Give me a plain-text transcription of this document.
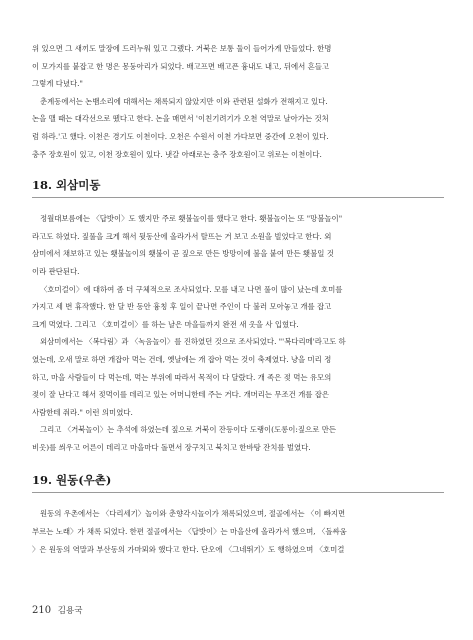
위 있으면 그 새끼도 말장에 드러누워 있고 그랬다. 거북은 보통 둘이 들어가게 만들었다. 한명
이 모가지를 붙잡고 한 명은 몽둥아리가 되었다. 배고프면 배고픈 흉내도 내고, 뒤에서 흔들고
그렇게 다녔다."

춘계동에서는 논뱀소리에 대해서는 채록되지 않았지만 이와 관련된 설화가 전해지고 있다.
논을 맬 때는 대각선으로 뗐다고 한다. 논을 매면서 '이친기려기가 오천 역말로 날아가는 것처
럼 하라.'고 했다. 이천은 경기도 이천이다. 오천은 수원서 이천 가다보면 중간에 오천이 있다.
충주 장호원이 있고, 이천 장호원이 있다. 냇갈 아래로는 충주 장호원이고 위로는 이천이다.

18. 외삼미동

정월대보름에는 〈답밧이〉도 했지만 주로 횃불놀이를 했다고 한다. 횃불놀이는 또 "망불놀이"
라고도 하였다. 짚풀을 크게 해서 뒷동산에 올라가서 탈뜨는 거 보고 소원을 빌었다고 한다. 외
삼미에서 채보하고 있는 횃불놀이의 횃불이 곧 짚으로 만든 방망이에 불을 붙여 만든 횃불일 것
이라 판단된다.

〈호미걸이〉에 대하여 좀 더 구체적으로 조사되었다. 모를 내고 나면 풀이 많이 났는데 호미를
가지고 세 번 휴작했다. 한 달 반 동안 흉칭 후 일이 끝나면 주인이 다 불러 모아놓고 개를 잡고
크게 먹였다. 그리고 〈호미걸이〉를 하는 날은 마을들까지 완전 새 옷을 사 입혔다.

외삼미에서는 〈복다림〉과 〈녹음놀이〉를 진하였던 것으로 조사되었다. "'복다리메'라고도 하
였는데, 오새 말로 하면 개잡아 먹는 건데, 옛날에는 개 잡아 먹는 것이 축제였다. 냥을 미리 정
하고, 마을 사람들이 다 먹는데, 먹는 부위에 따라서 목적이 다 달랐다. 개 족은 젖 먹는 유모의
젖이 잘 난다고 해서 젖먹이를 데리고 있는 어머니한테 주는 거다. 개머리는 무조건 개를 잡은
사람한테 줘라." 이런 의미였다.

그리고 〈거북놀이〉는 추석에 하였는데 짚으로 거북이 잔등이다 도랭이(도롱이:짚으로 만든
비옷)를 씌우고 어른이 데리고 마을마다 돌면서 장구치고 북치고 한바탕 잔치를 벌였다.

19. 원동(우촌)

원동의 우촌에서는 〈다리세기〉놀이와 춘향각시놀이가 채록되었으며, 절골에서는 〈이 빠지면
부르는 노래〉가 채록 되었다. 한편 절골에서는 〈답밧이〉는 마을산에 올라가서 했으며, 〈돌싸움
〉은 원동의 역말과 부산동의 가마뫼와 했다고 한다. 단오에 〈그네뛰기〉도 행하였으며 〈호미걸

210 김용국
